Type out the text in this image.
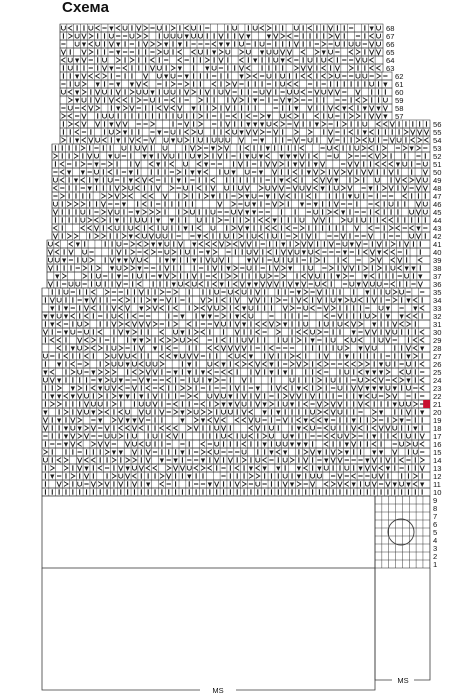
Схема
1
2
3
4
5
6
7
8
9
10
11
12
13
14
15
16
17
18
19
20
21
22
23
24
25
26
27
28
29
30
31
32
33
34
35
36
37
38
39
40
41
42
43
44
45
46
47
48
49
50
51
52
53
54
55
56
57
58
59
60
61
62
63
64
65
66
67
68
MS
MS
